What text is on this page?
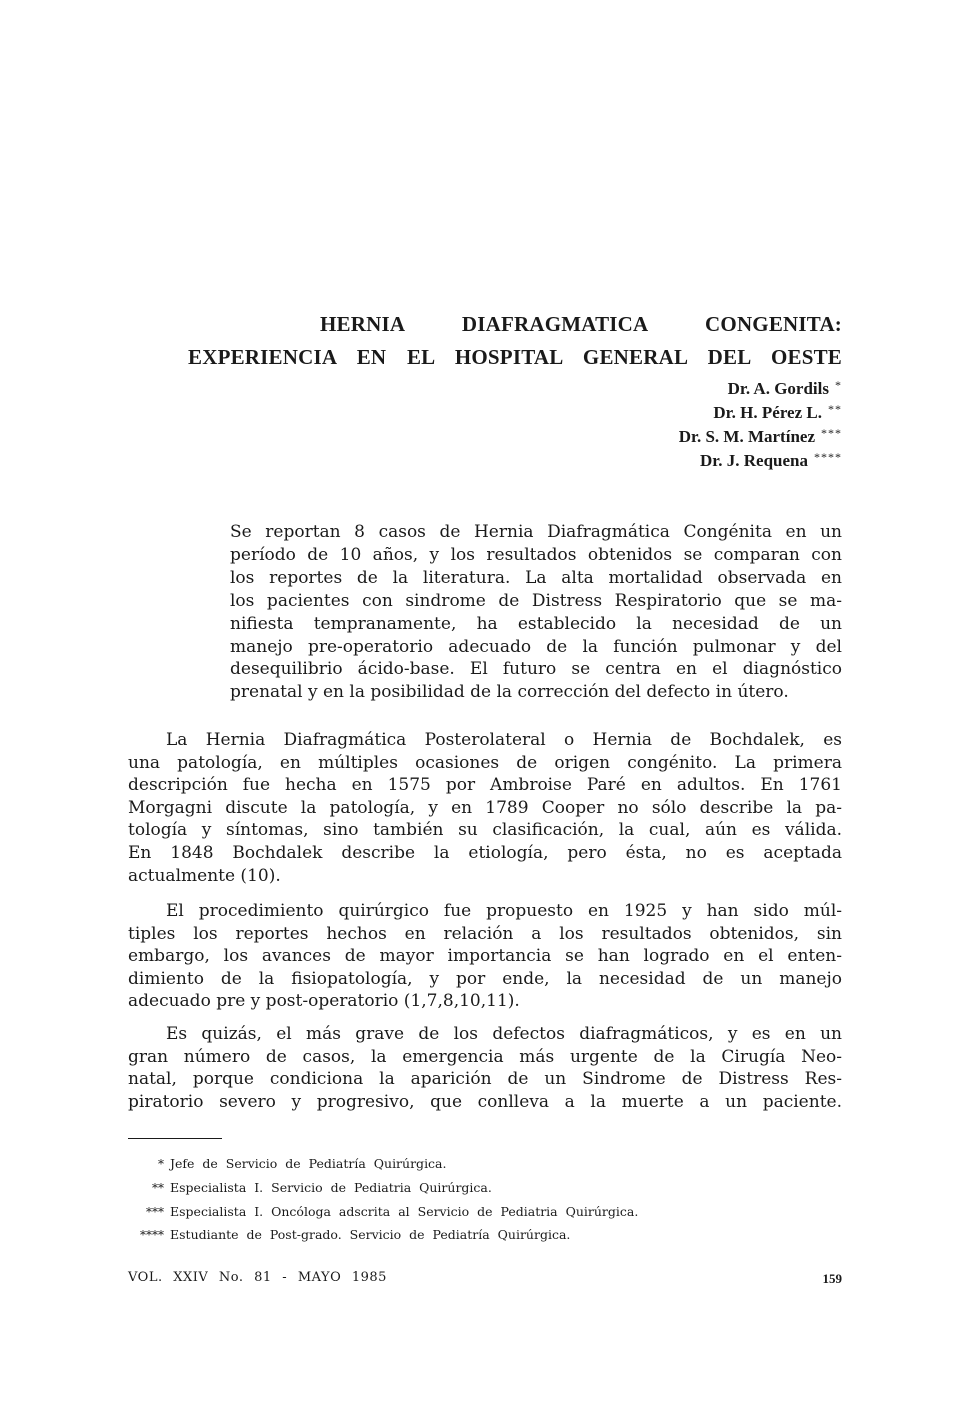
HERNIA	DIAFRAGMATICA	CONGENITA:
EXPERIENCIA EN EL HOSPITAL GENERAL DEL OESTE
Dr. A. Gordils *
Dr. H. Pérez L. **
Dr. S. M. Martínez ***
Dr. J. Requena ****
Se reportan 8 casos de Hernia Diafragmática Congénita en un
período de 10 años, y los resultados obtenidos se comparan con
los reportes de la literatura. La alta mortalidad observada en
los pacientes con sindrome de Distress Respiratorio que se ma-
nifiesta tempranamente, ha establecido la necesidad de un
manejo pre-operatorio adecuado de la función pulmonar y del
desequilibrio ácido-base. El futuro se centra en el diagnóstico
prenatal y en la posibilidad de la corrección del defecto in útero.
La Hernia Diafragmática Posterolateral o Hernia de Bochdalek, es
una patología, en múltiples ocasiones de origen congénito. La primera
descripción fue hecha en 1575 por Ambroise Paré en adultos. En 1761
Morgagni discute la patología, y en 1789 Cooper no sólo describe la pa-
tología y síntomas, sino también su clasificación, la cual, aún es válida.
En 1848 Bochdalek describe la etiología, pero ésta, no es aceptada
actualmente (10).
El procedimiento quirúrgico fue propuesto en 1925 y han sido múl-
tiples los reportes hechos en relación a los resultados obtenidos, sin
embargo, los avances de mayor importancia se han logrado en el enten-
dimiento de la fisiopatología, y por ende, la necesidad de un manejo
adecuado pre y post-operatorio (1,7,8,10,11).
Es quizás, el más grave de los defectos diafragmáticos, y es en un
gran número de casos, la emergencia más urgente de la Cirugía Neo-
natal, porque condiciona la aparición de un Sindrome de Distress Res-
piratorio severo y progresivo, que conlleva a la muerte a un paciente.
* Jefe de Servicio de Pediatría Quirúrgica.
** Especialista I. Servicio de Pediatria Quirúrgica.
*** Especialista I. Oncóloga adscrita al Servicio de Pediatria Quirúrgica.
**** Estudiante de Post-grado. Servicio de Pediatría Quirúrgica.
VOL. XXIV No. 81 - MAYO 1985	159
